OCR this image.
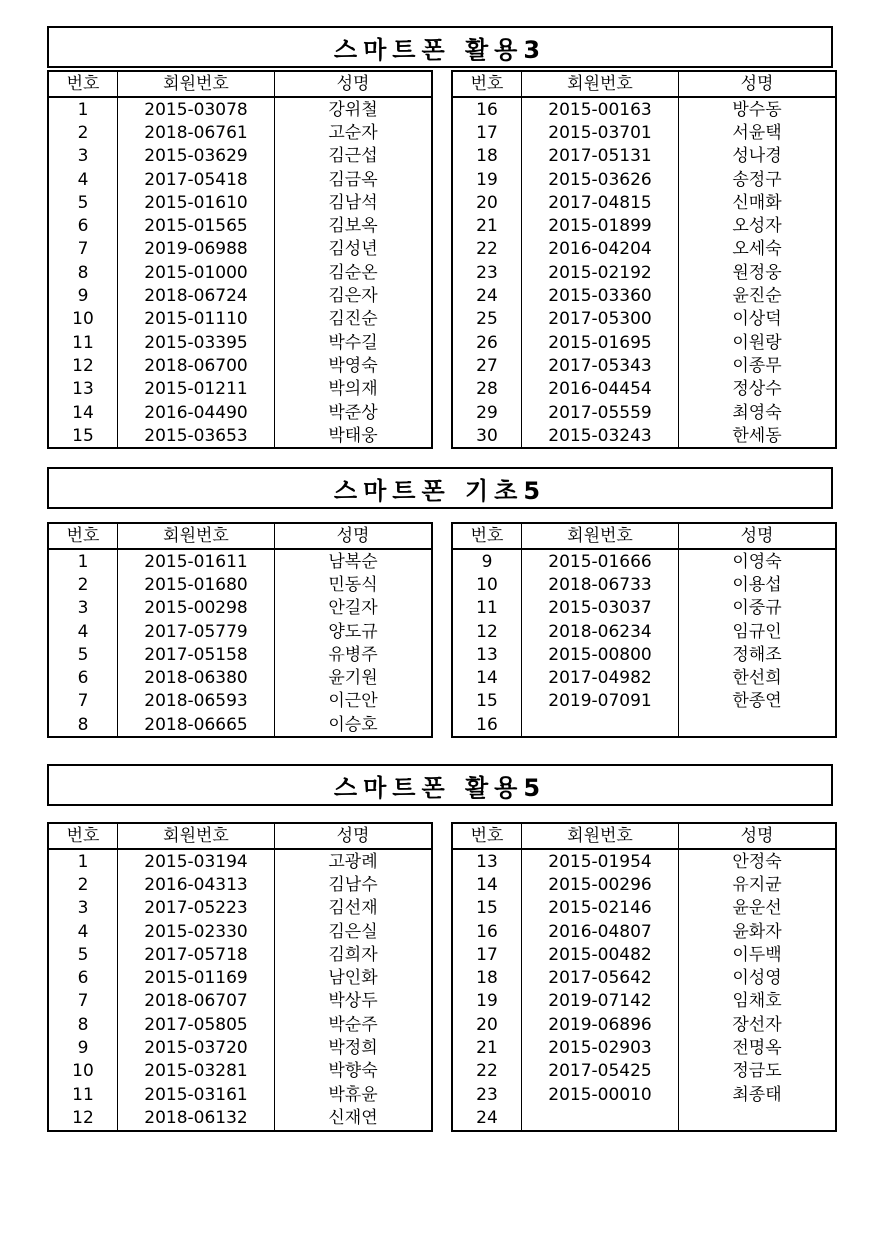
스마트폰 활용3
번호	회원번호	성명
1	2015-03078	강위철
2	2018-06761	고순자
3	2015-03629	김근섭
4	2017-05418	김금옥
5	2015-01610	김남석
6	2015-01565	김보옥
7	2019-06988	김성년
8	2015-01000	김순온
9	2018-06724	김은자
10	2015-01110	김진순
11	2015-03395	박수길
12	2018-06700	박영숙
13	2015-01211	박의재
14	2016-04490	박준상
15	2015-03653	박태웅
번호	회원번호	성명
16	2015-00163	방수동
17	2015-03701	서윤택
18	2017-05131	성나경
19	2015-03626	송정구
20	2017-04815	신매화
21	2015-01899	오성자
22	2016-04204	오세숙
23	2015-02192	원정웅
24	2015-03360	윤진순
25	2017-05300	이상덕
26	2015-01695	이원랑
27	2017-05343	이종무
28	2016-04454	정상수
29	2017-05559	최영숙
30	2015-03243	한세동
스마트폰 기초5
번호	회원번호	성명
1	2015-01611	남복순
2	2015-01680	민동식
3	2015-00298	안길자
4	2017-05779	양도규
5	2017-05158	유병주
6	2018-06380	윤기원
7	2018-06593	이근안
8	2018-06665	이승호
번호	회원번호	성명
9	2015-01666	이영숙
10	2018-06733	이용섭
11	2015-03037	이중규
12	2018-06234	임규인
13	2015-00800	정해조
14	2017-04982	한선희
15	2019-07091	한종연
16		
스마트폰 활용5
번호	회원번호	성명
1	2015-03194	고광례
2	2016-04313	김남수
3	2017-05223	김선재
4	2015-02330	김은실
5	2017-05718	김희자
6	2015-01169	남인화
7	2018-06707	박상두
8	2017-05805	박순주
9	2015-03720	박정희
10	2015-03281	박향숙
11	2015-03161	박휴윤
12	2018-06132	신재연
번호	회원번호	성명
13	2015-01954	안정숙
14	2015-00296	유지균
15	2015-02146	윤운선
16	2016-04807	윤화자
17	2015-00482	이두백
18	2017-05642	이성영
19	2019-07142	임채호
20	2019-06896	장선자
21	2015-02903	전명옥
22	2017-05425	정금도
23	2015-00010	최종태
24		
